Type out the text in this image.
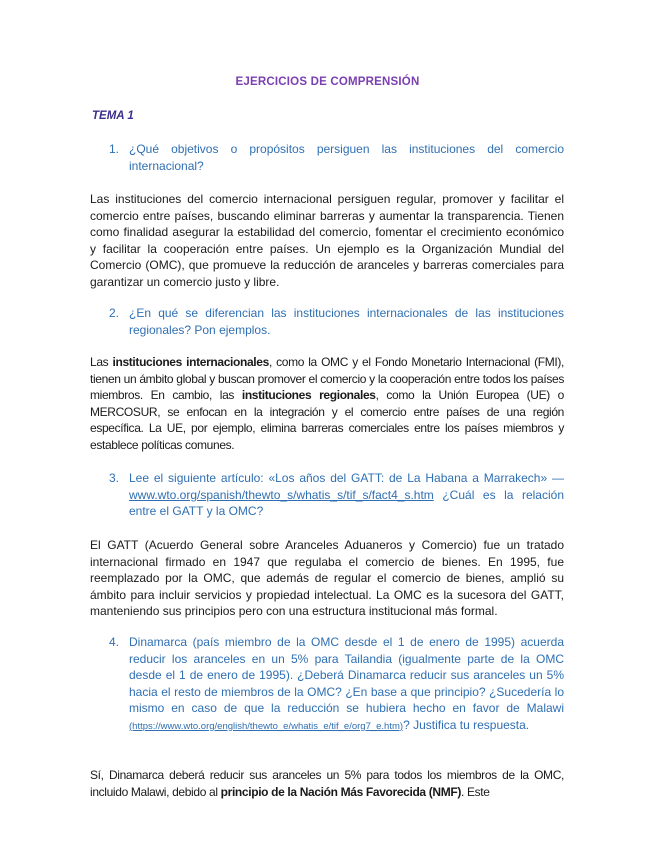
EJERCICIOS DE COMPRENSIÓN
TEMA 1
1. ¿Qué objetivos o propósitos persiguen las instituciones del comercio internacional?
Las instituciones del comercio internacional persiguen regular, promover y facilitar el comercio entre países, buscando eliminar barreras y aumentar la transparencia. Tienen como finalidad asegurar la estabilidad del comercio, fomentar el crecimiento económico y facilitar la cooperación entre países. Un ejemplo es la Organización Mundial del Comercio (OMC), que promueve la reducción de aranceles y barreras comerciales para garantizar un comercio justo y libre.
2. ¿En qué se diferencian las instituciones internacionales de las instituciones regionales? Pon ejemplos.
Las instituciones internacionales, como la OMC y el Fondo Monetario Internacional (FMI), tienen un ámbito global y buscan promover el comercio y la cooperación entre todos los países miembros. En cambio, las instituciones regionales, como la Unión Europea (UE) o MERCOSUR, se enfocan en la integración y el comercio entre países de una región específica. La UE, por ejemplo, elimina barreras comerciales entre los países miembros y establece políticas comunes.
3. Lee el siguiente artículo: «Los años del GATT: de La Habana a Marrakech» — www.wto.org/spanish/thewto_s/whatis_s/tif_s/fact4_s.htm ¿Cuál es la relación entre el GATT y la OMC?
El GATT (Acuerdo General sobre Aranceles Aduaneros y Comercio) fue un tratado internacional firmado en 1947 que regulaba el comercio de bienes. En 1995, fue reemplazado por la OMC, que además de regular el comercio de bienes, amplió su ámbito para incluir servicios y propiedad intelectual. La OMC es la sucesora del GATT, manteniendo sus principios pero con una estructura institucional más formal.
4. Dinamarca (país miembro de la OMC desde el 1 de enero de 1995) acuerda reducir los aranceles en un 5% para Tailandia (igualmente parte de la OMC desde el 1 de enero de 1995). ¿Deberá Dinamarca reducir sus aranceles un 5% hacia el resto de miembros de la OMC? ¿En base a que principio? ¿Sucedería lo mismo en caso de que la reducción se hubiera hecho en favor de Malawi (https://www.wto.org/english/thewto_e/whatis_e/tif_e/org7_e.htm)? Justifica tu respuesta.
Sí, Dinamarca deberá reducir sus aranceles un 5% para todos los miembros de la OMC, incluido Malawi, debido al principio de la Nación Más Favorecida (NMF). Este
